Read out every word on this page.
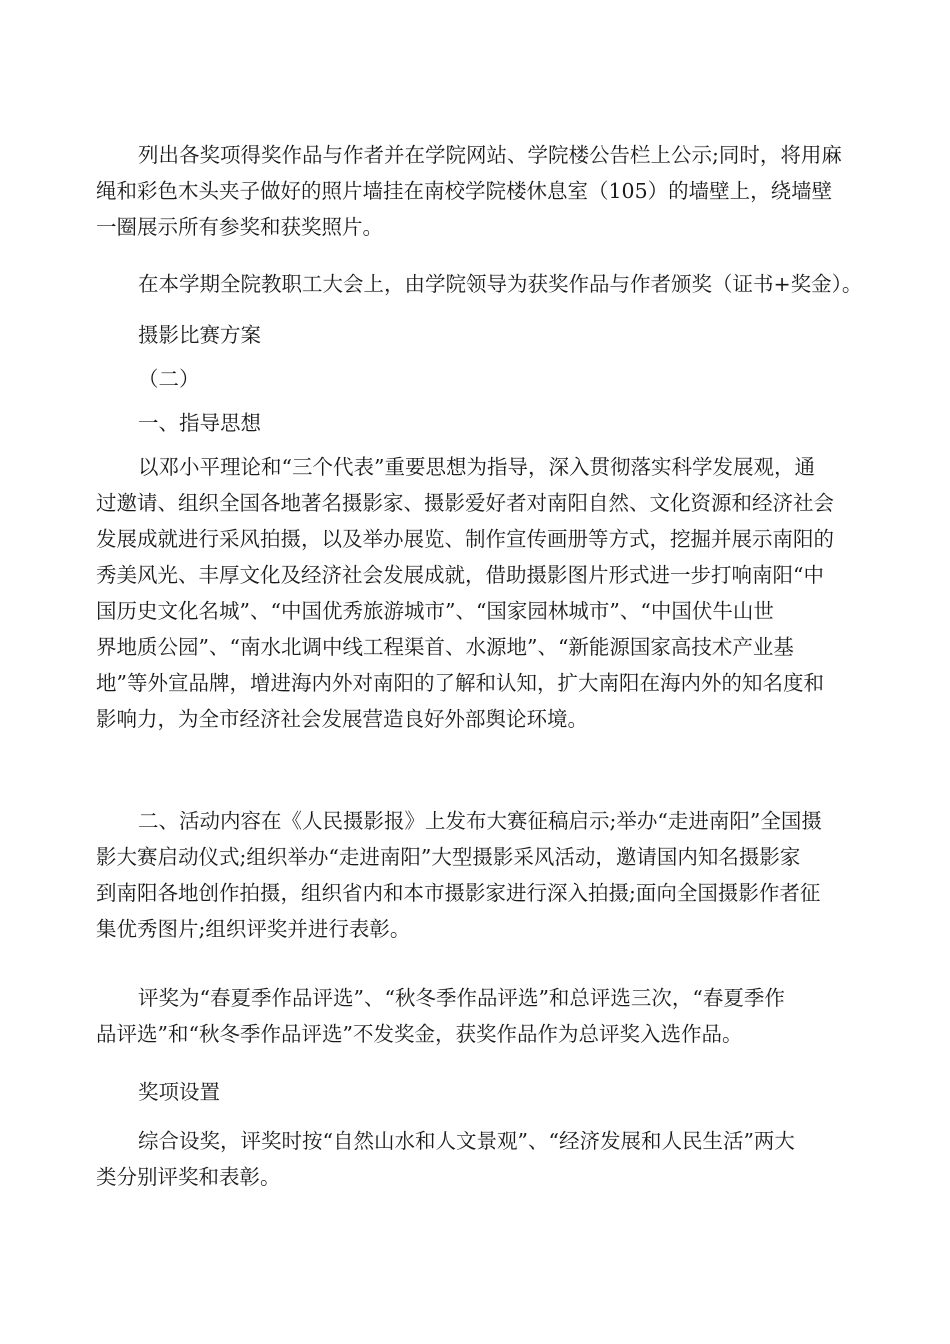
列出各奖项得奖作品与作者并在学院网站、学院楼公告栏上公示;同时，将用麻
绳和彩色木头夹子做好的照片墙挂在南校学院楼休息室（105）的墙壁上，绕墙壁
一圈展示所有参奖和获奖照片。
在本学期全院教职工大会上，由学院领导为获奖作品与作者颁奖（证书+奖金）。
摄影比赛方案
（二）
一、指导思想
以邓小平理论和“三个代表”重要思想为指导，深入贯彻落实科学发展观，通
过邀请、组织全国各地著名摄影家、摄影爱好者对南阳自然、文化资源和经济社会
发展成就进行采风拍摄，以及举办展览、制作宣传画册等方式，挖掘并展示南阳的
秀美风光、丰厚文化及经济社会发展成就，借助摄影图片形式进一步打响南阳“中
国历史文化名城”、“中国优秀旅游城市”、“国家园林城市”、“中国伏牛山世
界地质公园”、“南水北调中线工程渠首、水源地”、“新能源国家高技术产业基
地”等外宣品牌，增进海内外对南阳的了解和认知，扩大南阳在海内外的知名度和
影响力，为全市经济社会发展营造良好外部舆论环境。
二、活动内容在《人民摄影报》上发布大赛征稿启示;举办“走进南阳”全国摄
影大赛启动仪式;组织举办“走进南阳”大型摄影采风活动，邀请国内知名摄影家
到南阳各地创作拍摄，组织省内和本市摄影家进行深入拍摄;面向全国摄影作者征
集优秀图片;组织评奖并进行表彰。
评奖为“春夏季作品评选”、“秋冬季作品评选”和总评选三次，“春夏季作
品评选”和“秋冬季作品评选”不发奖金，获奖作品作为总评奖入选作品。
奖项设置
综合设奖，评奖时按“自然山水和人文景观”、“经济发展和人民生活”两大
类分别评奖和表彰。
